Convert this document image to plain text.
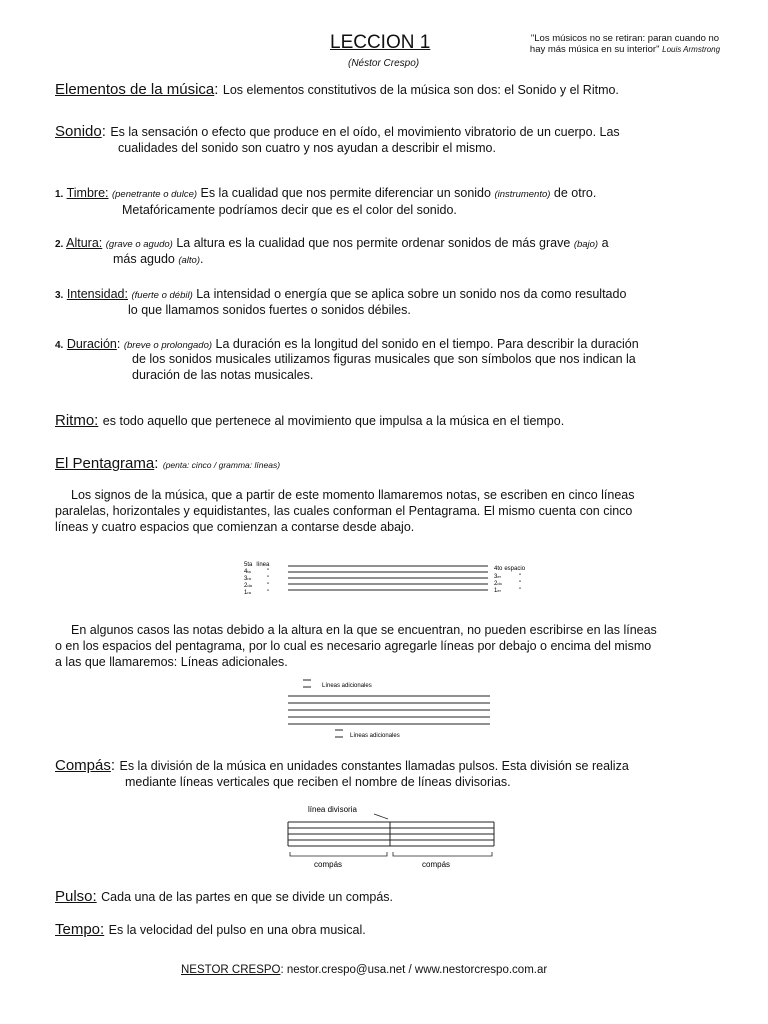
LECCION 1
(Néstor Crespo)
"Los músicos no se retiran: paran cuando no
hay más música en su interior" Louis Armstrong
Elementos de la música: Los elementos constitutivos de la música son dos: el Sonido y el Ritmo.
Sonido: Es la sensación o efecto que produce en el oído, el movimiento vibratorio de un cuerpo. Las
cualidades del sonido son cuatro y nos ayudan a describir el mismo.
1. Timbre: (penetrante o dulce) Es la cualidad que nos permite diferenciar un sonido (instrumento) de otro.
Metafóricamente podríamos decir que es el color del sonido.
2. Altura: (grave o agudo) La altura es la cualidad que nos permite ordenar sonidos de más grave (bajo) a
más agudo (alto).
3. Intensidad: (fuerte o débil) La intensidad o energía que se aplica sobre un sonido nos da como resultado
lo que llamamos sonidos fuertes o sonidos débiles.
4. Duración: (breve o prolongado) La duración es la longitud del sonido en el tiempo. Para describir la duración
de los sonidos musicales utilizamos figuras musicales que son símbolos que nos indican la
duración de las notas musicales.
Ritmo: es todo aquello que pertenece al movimiento que impulsa a la música en el tiempo.
El Pentagrama: (penta: cinco / gramma: líneas)
Los signos de la música, que a partir de este momento llamaremos notas, se escriben en cinco líneas
paralelas, horizontales y equidistantes, las cuales conforman el Pentagrama. El mismo cuenta con cinco
líneas y cuatro espacios que comienzan a contarse desde abajo.
5ta línea
4ta	"
3ra	"
2da	"
1ra	"
4to espacio
3er	"
2do	"
1er	"
En algunos casos las notas debido a la altura en la que se encuentran, no pueden escribirse en las líneas
o en los espacios del pentagrama, por lo cual es necesario agregarle líneas por debajo o encima del mismo
a las que llamaremos: Líneas adicionales.
Líneas adicionales
Líneas adicionales
Compás: Es la división de la música en unidades constantes llamadas pulsos. Esta división se realiza
mediante líneas verticales que reciben el nombre de líneas divisorias.
línea divisoria
compás	compás
Pulso: Cada una de las partes en que se divide un compás.
Tempo: Es la velocidad del pulso en una obra musical.
NESTOR CRESPO: nestor.crespo@usa.net / www.nestorcrespo.com.ar
